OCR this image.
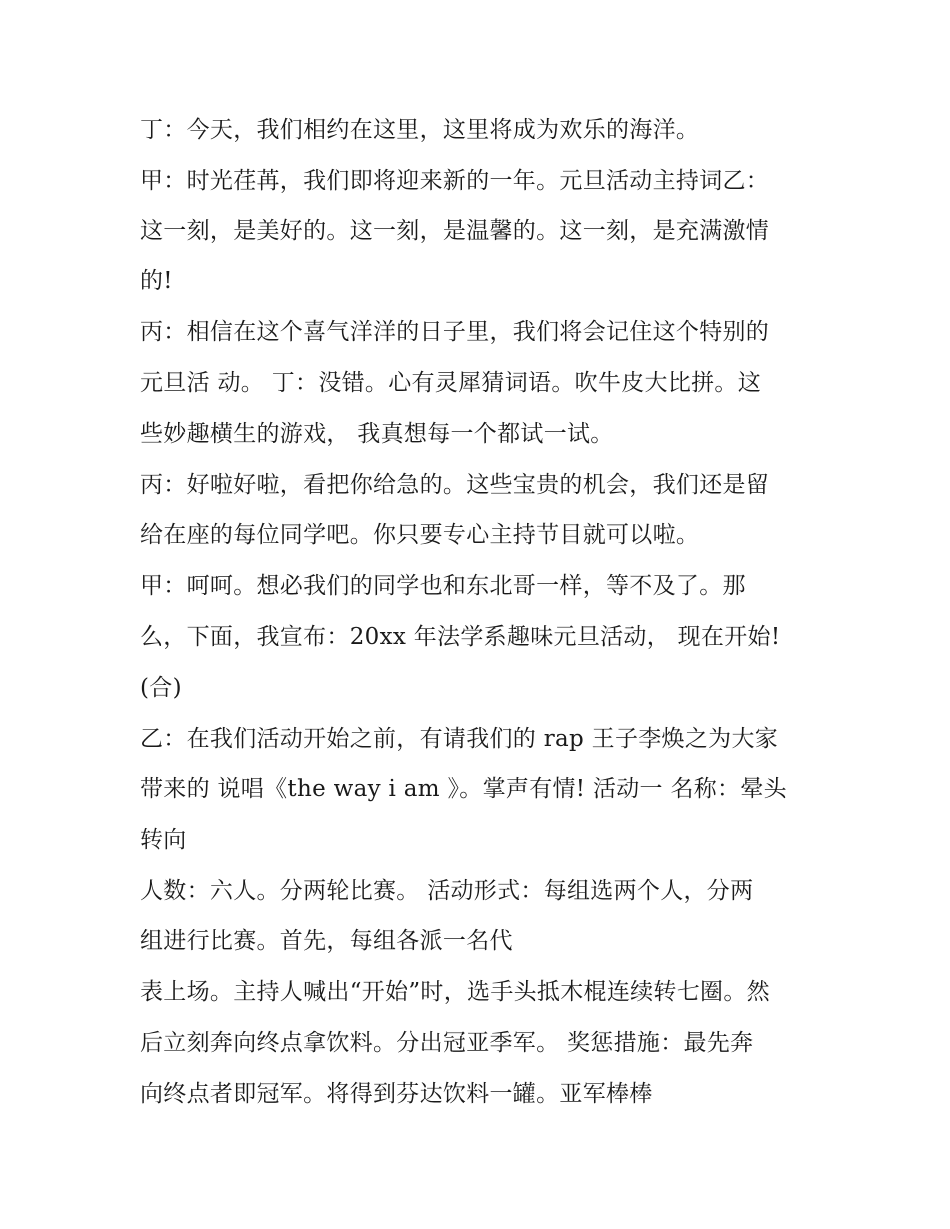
丁：今天，我们相约在这里，这里将成为欢乐的海洋。
甲：时光荏苒，我们即将迎来新的一年。元旦活动主持词乙：
这一刻，是美好的。这一刻，是温馨的。这一刻，是充满激情
的!
丙：相信在这个喜气洋洋的日子里，我们将会记住这个特别的
元旦活 动。 丁：没错。心有灵犀猜词语。吹牛皮大比拼。这
些妙趣横生的游戏， 我真想每一个都试一试。
丙：好啦好啦，看把你给急的。这些宝贵的机会，我们还是留
给在座的每位同学吧。你只要专心主持节目就可以啦。
甲：呵呵。想必我们的同学也和东北哥一样，等不及了。那
么，下面，我宣布：20xx 年法学系趣味元旦活动， 现在开始!
(合)
乙：在我们活动开始之前，有请我们的 rap 王子李焕之为大家
带来的 说唱《the way i am 》。掌声有情! 活动一 名称：晕头
转向
人数：六人。分两轮比赛。 活动形式：每组选两个人，分两
组进行比赛。首先，每组各派一名代
表上场。主持人喊出“开始”时，选手头抵木棍连续转七圈。然
后立刻奔向终点拿饮料。分出冠亚季军。 奖惩措施：最先奔
向终点者即冠军。将得到芬达饮料一罐。亚军棒棒
